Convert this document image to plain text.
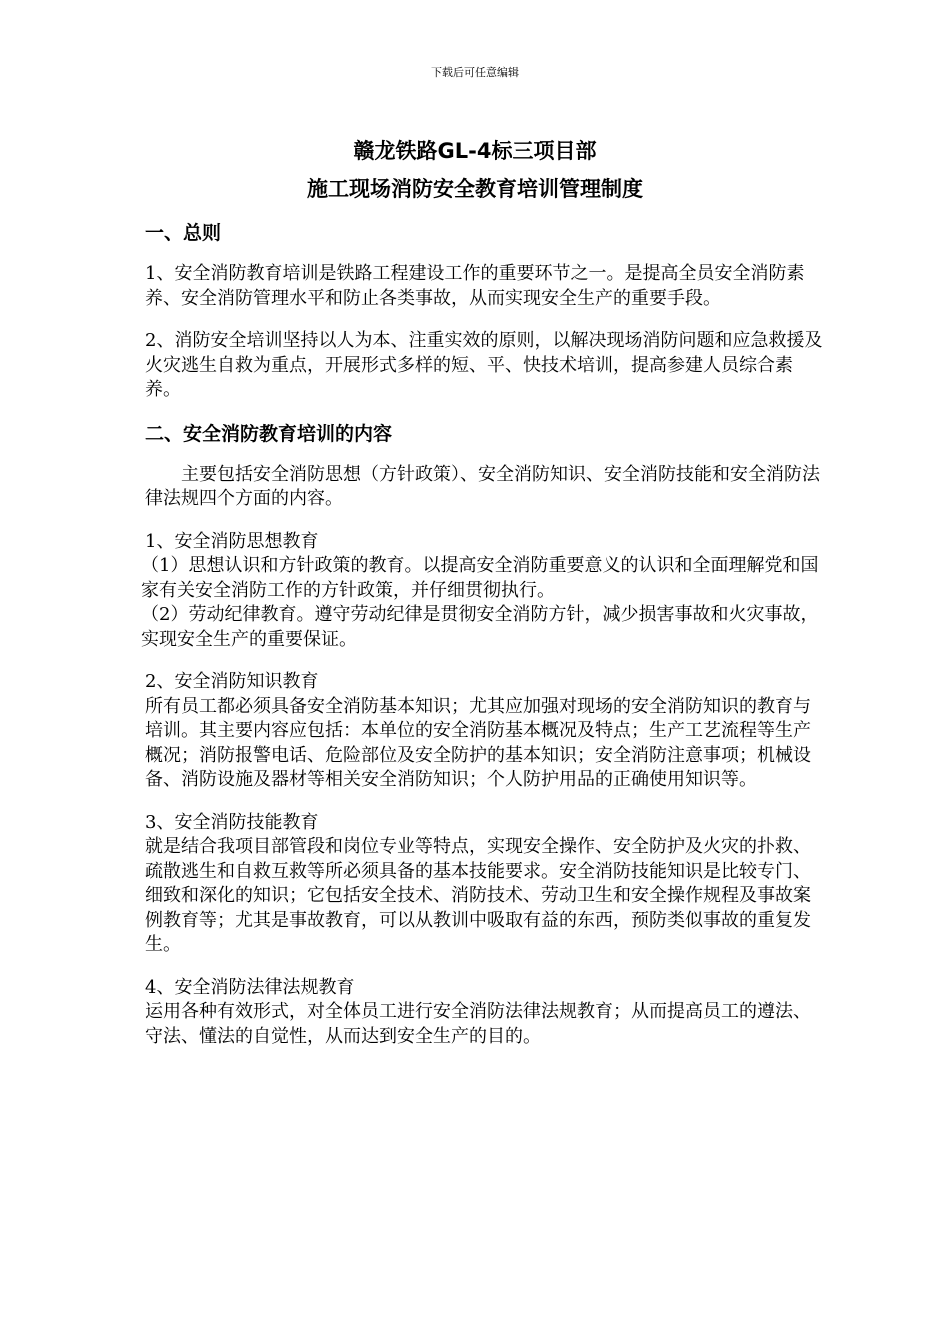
下载后可任意编辑
赣龙铁路GL-4标三项目部
施工现场消防安全教育培训管理制度
一、总则

1、安全消防教育培训是铁路工程建设工作的重要环节之一。是提高全员安全消防素养、安全消防管理水平和防止各类事故，从而实现安全生产的重要手段。

2、消防安全培训坚持以人为本、注重实效的原则，以解决现场消防问题和应急救援及火灾逃生自救为重点，开展形式多样的短、平、快技术培训，提高参建人员综合素养。

二、安全消防教育培训的内容

主要包括安全消防思想（方针政策）、安全消防知识、安全消防技能和安全消防法律法规四个方面的内容。

1、安全消防思想教育
（1）思想认识和方针政策的教育。以提高安全消防重要意义的认识和全面理解党和国家有关安全消防工作的方针政策，并仔细贯彻执行。
（2）劳动纪律教育。遵守劳动纪律是贯彻安全消防方针，减少损害事故和火灾事故，实现安全生产的重要保证。
2、安全消防知识教育
所有员工都必须具备安全消防基本知识；尤其应加强对现场的安全消防知识的教育与培训。其主要内容应包括：本单位的安全消防基本概况及特点；生产工艺流程等生产概况；消防报警电话、危险部位及安全防护的基本知识；安全消防注意事项；机械设备、消防设施及器材等相关安全消防知识；个人防护用品的正确使用知识等。
3、安全消防技能教育
就是结合我项目部管段和岗位专业等特点，实现安全操作、安全防护及火灾的扑救、疏散逃生和自救互救等所必须具备的基本技能要求。安全消防技能知识是比较专门、细致和深化的知识；它包括安全技术、消防技术、劳动卫生和安全操作规程及事故案例教育等；尤其是事故教育，可以从教训中吸取有益的东西，预防类似事故的重复发生。
4、安全消防法律法规教育
运用各种有效形式，对全体员工进行安全消防法律法规教育；从而提高员工的遵法、守法、懂法的自觉性，从而达到安全生产的目的。
